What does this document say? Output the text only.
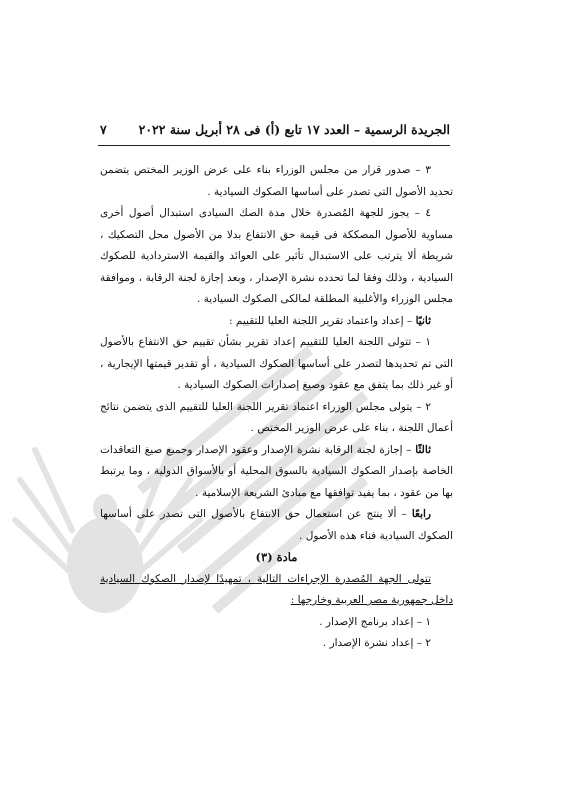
الجريدة الرسمية – العدد ١٧ تابع (أ) فى ٢٨ أبريل سنة ٢٠٢٢
٧

٣ – صدور قرار من مجلس الوزراء بناء على عرض الوزير المختص يتضمن تحديد الأصول التى تصدر على أساسها الصكوك السيادية .

٤ – يجوز للجهة المُصدرة خلال مدة الصك السيادى استبدال أصول أخرى مساوية للأصول المصككة فى قيمة حق الانتفاع بدلا من الأصول محل التصكيك ، شريطة ألا يترتب على الاستبدال تأثير على العوائد والقيمة الاستردادية للصكوك السيادية ، وذلك وفقا لما تحدده نشرة الإصدار ، وبعد إجازة لجنة الرقابة ، وموافقة مجلس الوزراء والأغلبية المطلقة لمالكى الصكوك السيادية .

ثانيًا – إعداد واعتماد تقرير اللجنة العليا للتقييم :

١ – تتولى اللجنة العليا للتقييم إعداد تقرير بشأن تقييم حق الانتفاع بالأصول التى تم تحديدها لتصدر على أساسها الصكوك السيادية ، أو تقدير قيمتها الإيجارية ، أو غير ذلك بما يتفق مع عقود وصيغ إصدارات الصكوك السيادية .

٢ – يتولى مجلس الوزراء اعتماد تقرير اللجنة العليا للتقييم الذى يتضمن نتائج أعمال اللجنة ، بناء على عرض الوزير المختص .

ثالثًا – إجازة لجنة الرقابة نشرة الإصدار وعقود الإصدار وجميع صيغ التعاقدات الخاصة بإصدار الصكوك السيادية بالسوق المحلية أو بالأسواق الدولية ، وما يرتبط بها من عقود ، بما يفيد توافقها مع مبادئ الشريعة الإسلامية .

رابعًا – ألا ينتج عن استعمال حق الانتفاع بالأصول التى تصدر على أساسها الصكوك السيادية فناء هذه الأصول .

مادة (٣)

تتولى الجهة المُصدرة الإجراءات التالية ، تمهيدًا لإصدار الصكوك السيادية داخل جمهورية مصر العربية وخارجها :

١ – إعداد برنامج الإصدار .

٢ – إعداد نشرة الإصدار .
